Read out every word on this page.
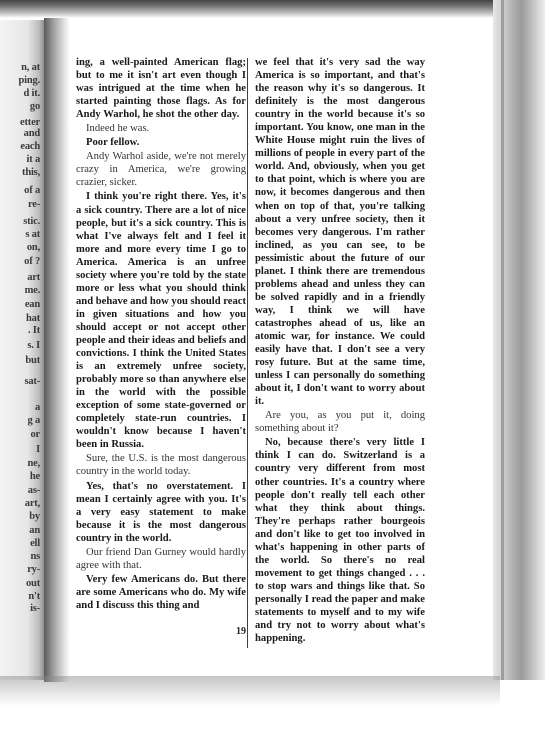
n, at
ping.
d it.
go
etter
and
each
it a
this,
of a
re-
stic.
s at
on,
of ?
art
me.
ean
hat
. It
s. I
but
sat-
a
g a
or
I
ne,
he
as-
art,
by
an
ell
ns
ry-
out
n't
is-

ing, a well-painted American flag; but to me it isn't art even though I was intrigued at the time when he started painting those flags. As for Andy Warhol, he shot the other day.

Indeed he was.

Poor fellow.

Andy Warhol aside, we're not merely crazy in America, we're growing crazier, sicker.

I think you're right there. Yes, it's a sick country. There are a lot of nice people, but it's a sick country. This is what I've always felt and I feel it more and more every time I go to America. America is an unfree society where you're told by the state more or less what you should think and behave and how you should react in given situations and how you should accept or not accept other people and their ideas and beliefs and convictions. I think the United States is an extremely unfree society, probably more so than anywhere else in the world with the possible exception of some state-governed or completely state-run countries. I wouldn't know because I haven't been in Russia.

Sure, the U.S. is the most dangerous country in the world today.

Yes, that's no overstatement. I mean I certainly agree with you. It's a very easy statement to make because it is the most dangerous country in the world.

Our friend Dan Gurney would hardly agree with that.

Very few Americans do. But there are some Americans who do. My wife and I discuss this thing and

we feel that it's very sad the way America is so important, and that's the reason why it's so dangerous. It definitely is the most dangerous country in the world because it's so important. You know, one man in the White House might ruin the lives of millions of people in every part of the world. And, obviously, when you get to that point, which is where you are now, it becomes dangerous and then when on top of that, you're talking about a very unfree society, then it becomes very dangerous. I'm rather inclined, as you can see, to be pessimistic about the future of our planet. I think there are tremendous problems ahead and unless they can be solved rapidly and in a friendly way, I think we will have catastrophes ahead of us, like an atomic war, for instance. We could easily have that. I don't see a very rosy future. But at the same time, unless I can personally do something about it, I don't want to worry about it.

Are you, as you put it, doing something about it?

No, because there's very little I think I can do. Switzerland is a country very different from most other countries. It's a country where people don't really tell each other what they think about things. They're perhaps rather bourgeois and don't like to get too involved in what's happening in other parts of the world. So there's no real movement to get things changed . . . to stop wars and things like that. So personally I read the paper and make statements to myself and to my wife and try not to worry about what's happening.

19
